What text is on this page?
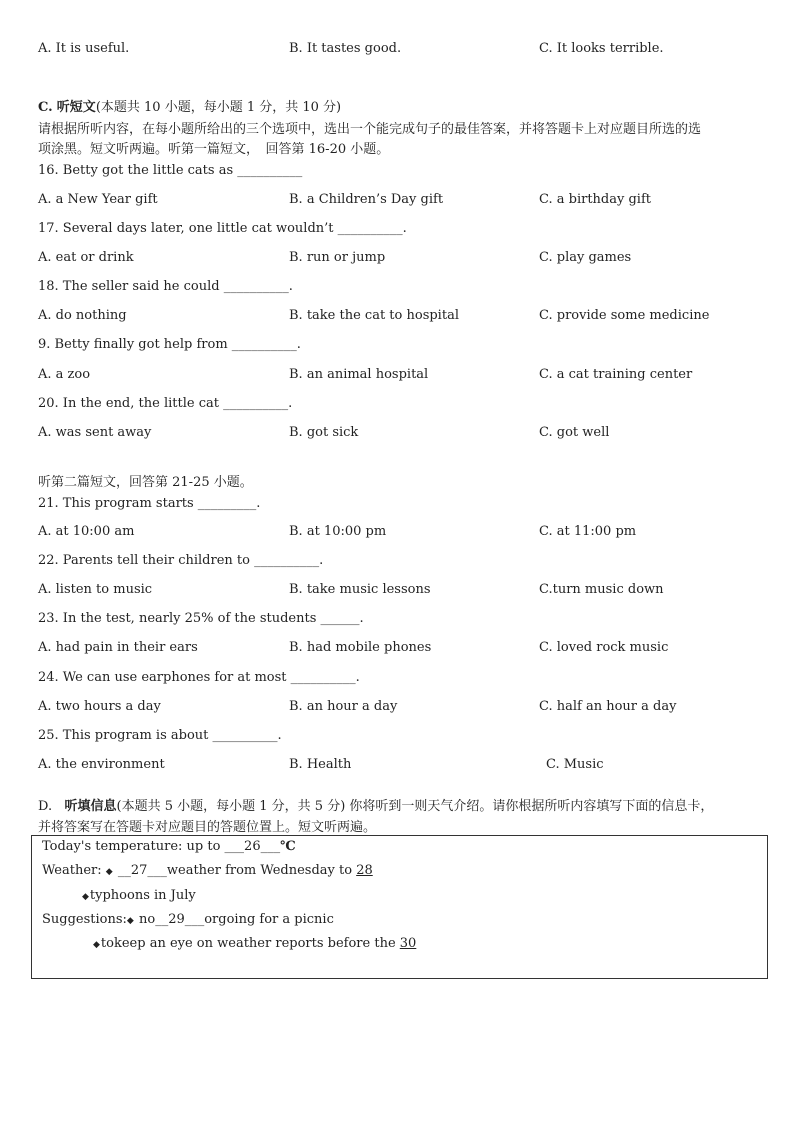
A. It is useful.	B. It tastes good.	C. It looks terrible.
C. 听短文(本题共 10 小题，每小题 1 分，共 10 分)
请根据所听内容，在每小题所给出的三个选项中，选出一个能完成句子的最佳答案，并将答题卡上对应题目所选的选
项涂黑。短文听两遍。听第一篇短文，　回答第 16-20 小题。
16. Betty got the little cats as __________
A. a New Year gift	B. a Children’s Day gift	C. a birthday gift
17. Several days later, one little cat wouldn’t __________.
A. eat or drink	B. run or jump	C. play games
18. The seller said he could __________.
A. do nothing	B. take the cat to hospital	C. provide some medicine
9. Betty finally got help from __________.
A. a zoo	B. an animal hospital	C. a cat training center
20. In the end, the little cat __________.
A. was sent away	B. got sick	C. got well
听第二篇短文，回答第 21-25 小题。
21. This program starts _________.
A. at 10:00 am	B. at 10:00 pm	C. at 11:00 pm
22. Parents tell their children to __________.
A. listen to music	B. take music lessons	C.turn music down
23. In the test, nearly 25% of the students ______.
A. had pain in their ears	B. had mobile phones	C. loved rock music
24. We can use earphones for at most __________.
A. two hours a day	B. an hour a day	C. half an hour a day
25. This program is about __________.
A. the environment	B. Health	C. Music
D. 听填信息(本题共 5 小题，每小题 1 分，共 5 分) 你将听到一则天气介绍。请你根据所听内容填写下面的信息卡，
并将答案写在答题卡对应题目的答题位置上。短文听两遍。
Today's temperature: up to ___26___℃
Weather: ◆ __27___weather from Wednesday to 28
◆typhoons in July
Suggestions:◆ no__29___orgoing for a picnic
◆tokeep an eye on weather reports before the 30
